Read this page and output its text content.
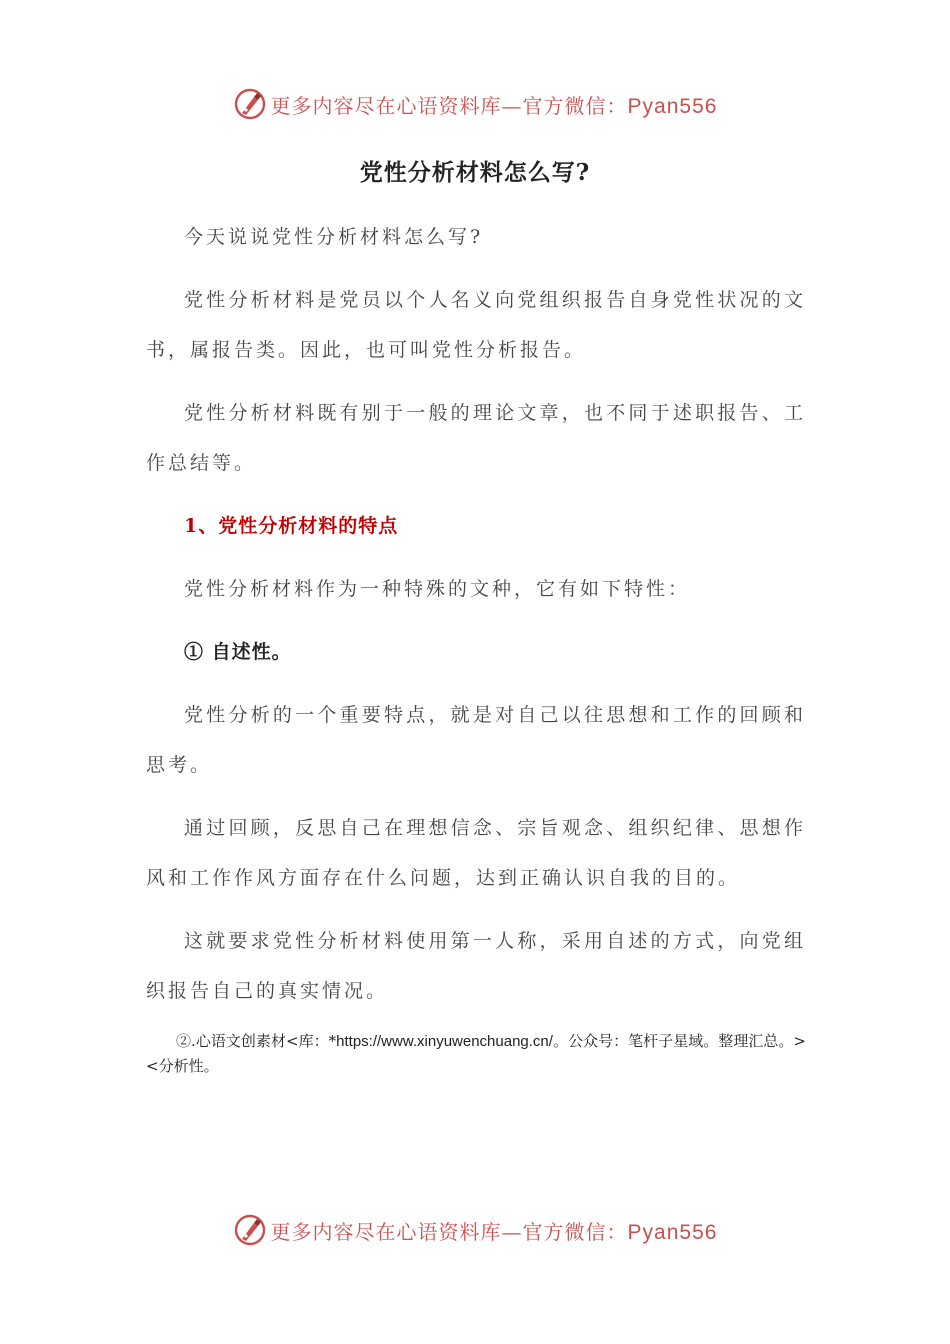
更多内容尽在心语资料库—官方微信：Pyan556
党性分析材料怎么写?

今天说说党性分析材料怎么写?

党性分析材料是党员以个人名义向党组织报告自身党性状况的文书，属报告类。因此，也可叫党性分析报告。

党性分析材料既有别于一般的理论文章，也不同于述职报告、工作总结等。

1、党性分析材料的特点

党性分析材料作为一种特殊的文种，它有如下特性：

① 自述性。

党性分析的一个重要特点，就是对自己以往思想和工作的回顾和思考。

通过回顾，反思自己在理想信念、宗旨观念、组织纪律、思想作风和工作作风方面存在什么问题，达到正确认识自我的目的。

这就要求党性分析材料使用第一人称，采用自述的方式，向党组织报告自己的真实情况。

②.心语文创素材<库：*https://www.xinyuwenchuang.cn/。公众号：笔杆子星域。整理汇总。><分析性。

更多内容尽在心语资料库—官方微信：Pyan556
